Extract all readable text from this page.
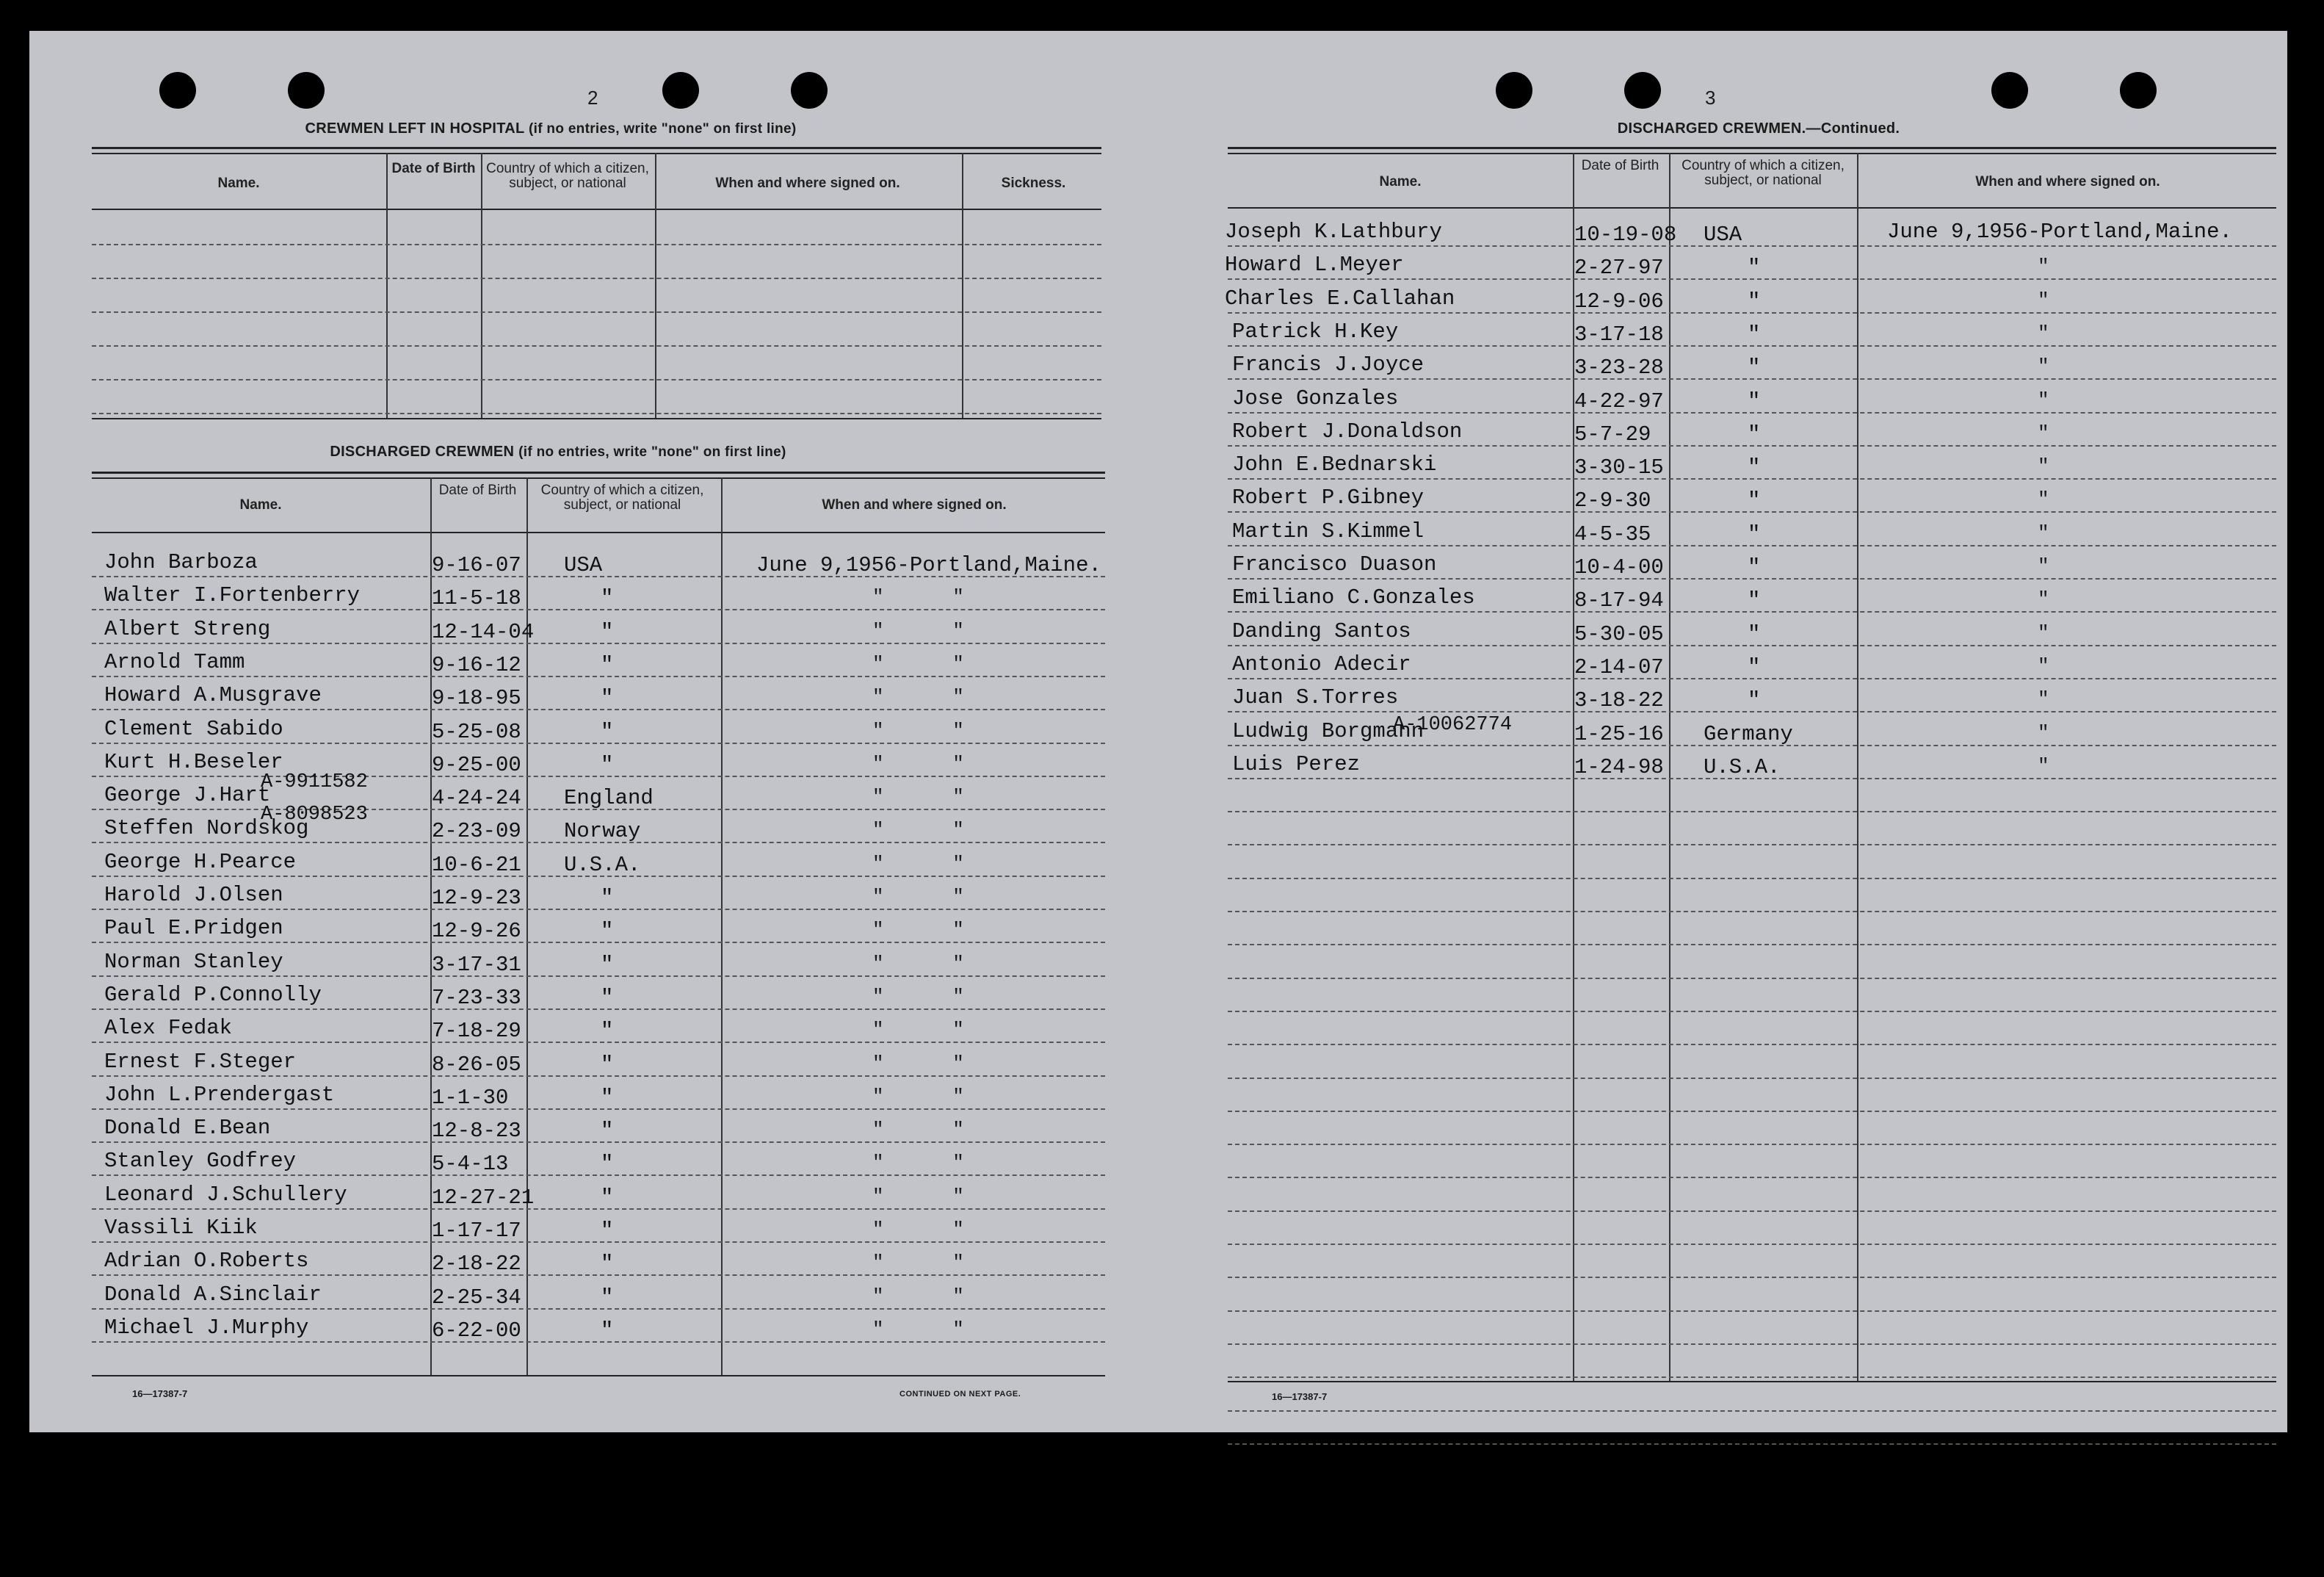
2
CREWMEN LEFT IN HOSPITAL (if no entries, write "none" on first line)
Name.
Date of Birth Country of which a citizen, subject, or national	When and where signed on.	Sickness.
DISCHARGED CREWMEN (if no entries, write "none" on first line)
Name.
Date of Birth	Country of which a citizen, subject, or national	When and where signed on.
John Barboza	9-16-07 USA	June 9,1956-Portland,Maine.
Walter I.Fortenberry	11-5-18	"	"      "
Albert Streng	12-14-04	"	"      "
Arnold Tamm	9-16-12	"	"      "
Howard A.Musgrave	9-18-95	"	"      "
Clement Sabido	5-25-08	"	"      "
Kurt H.Beseler	9-25-00	"	"      "
George J.Hart	4-24-24 England	"      "
Steffen Nordskog	2-23-09 Norway	"      "
George H.Pearce	10-6-21 U.S.A.	"      "
Harold J.Olsen	12-9-23	"	"      "
Paul E.Pridgen	12-9-26	"	"      "
Norman Stanley	3-17-31	"	"      "
Gerald P.Connolly	7-23-33	"	"      "
Alex Fedak	7-18-29	"	"      "
Ernest F.Steger	8-26-05	"	"      "
John L.Prendergast	1-1-30	"	"      "
Donald E.Bean	12-8-23	"	"      "
Stanley Godfrey	5-4-13	"	"      "
Leonard J.Schullery	12-27-21	"	"      "
Vassili Kiik	1-17-17	"	"      "
Adrian O.Roberts	2-18-22	"	"      "
Donald A.Sinclair	2-25-34	"	"      "
Michael J.Murphy	6-22-00	"	"      "
A-9911582
A-8098523
16—17387-7	CONTINUED ON NEXT PAGE.
3
DISCHARGED CREWMEN.—Continued.
Name.
Date of Birth	Country of which a citizen, subject, or national	When and where signed on.
Joseph K.Lathbury	10-19-08 USA	June 9,1956-Portland,Maine.
Howard L.Meyer	2-27-97	"	"
Charles E.Callahan	12-9-06	"	"
Patrick H.Key	3-17-18	"	"
Francis J.Joyce	3-23-28	"	"
Jose Gonzales	4-22-97	"	"
Robert J.Donaldson	5-7-29	"	"
John E.Bednarski	3-30-15	"	"
Robert P.Gibney	2-9-30	"	"
Martin S.Kimmel	4-5-35	"	"
Francisco Duason	10-4-00	"	"
Emiliano C.Gonzales	8-17-94	"	"
Danding Santos	5-30-05	"	"
Antonio Adecir	2-14-07	"	"
Juan S.Torres	3-18-22	"	"
Ludwig Borgmann	1-25-16 Germany	"
Luis Perez	1-24-98 U.S.A.	"
A-10062774
16—17387-7
